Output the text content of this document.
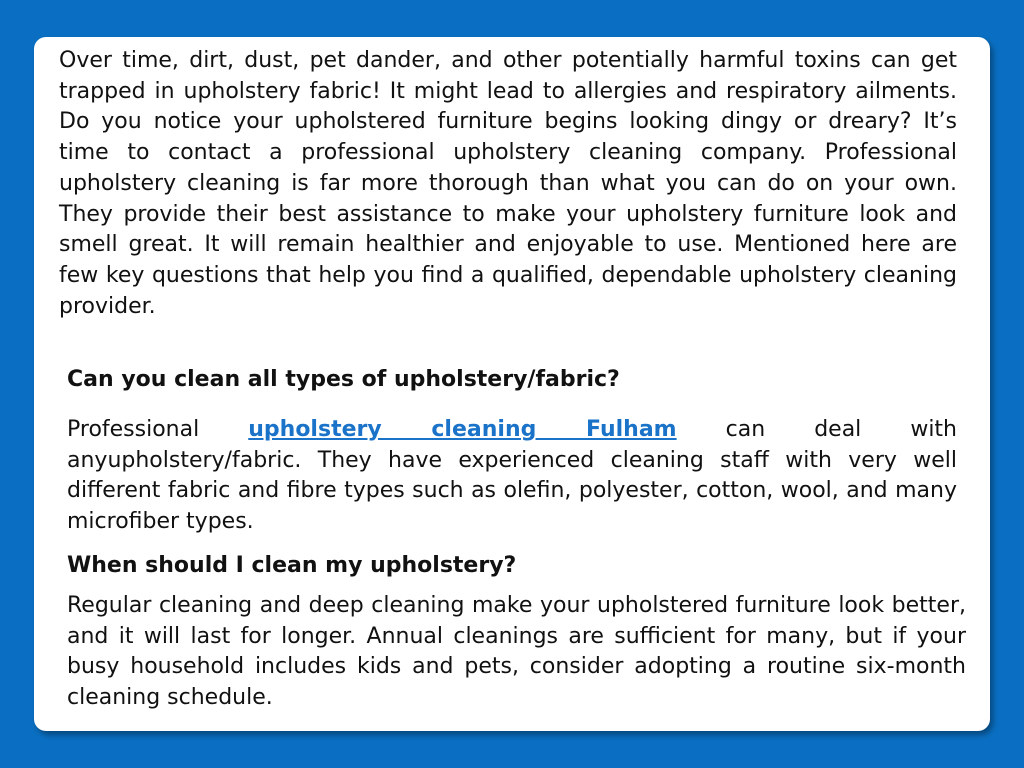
Over time, dirt, dust, pet dander, and other potentially harmful toxins can get trapped in upholstery fabric! It might lead to allergies and respiratory ailments. Do you notice your upholstered furniture begins looking dingy or dreary? It’s time to contact a professional upholstery cleaning company. Professional upholstery cleaning is far more thorough than what you can do on your own. They provide their best assistance to make your upholstery furniture look and smell great. It will remain healthier and enjoyable to use. Mentioned here are few key questions that help you find a qualified, dependable upholstery cleaning provider.

Can you clean all types of upholstery/fabric?

Professional upholstery cleaning Fulham can deal with
anyupholstery/fabric. They have experienced cleaning staff with very well different fabric and fibre types such as olefin, polyester, cotton, wool, and many microfiber types.

When should I clean my upholstery?

Regular cleaning and deep cleaning make your upholstered furniture look better, and it will last for longer. Annual cleanings are sufficient for many, but if your busy household includes kids and pets, consider adopting a routine six-month cleaning schedule.
